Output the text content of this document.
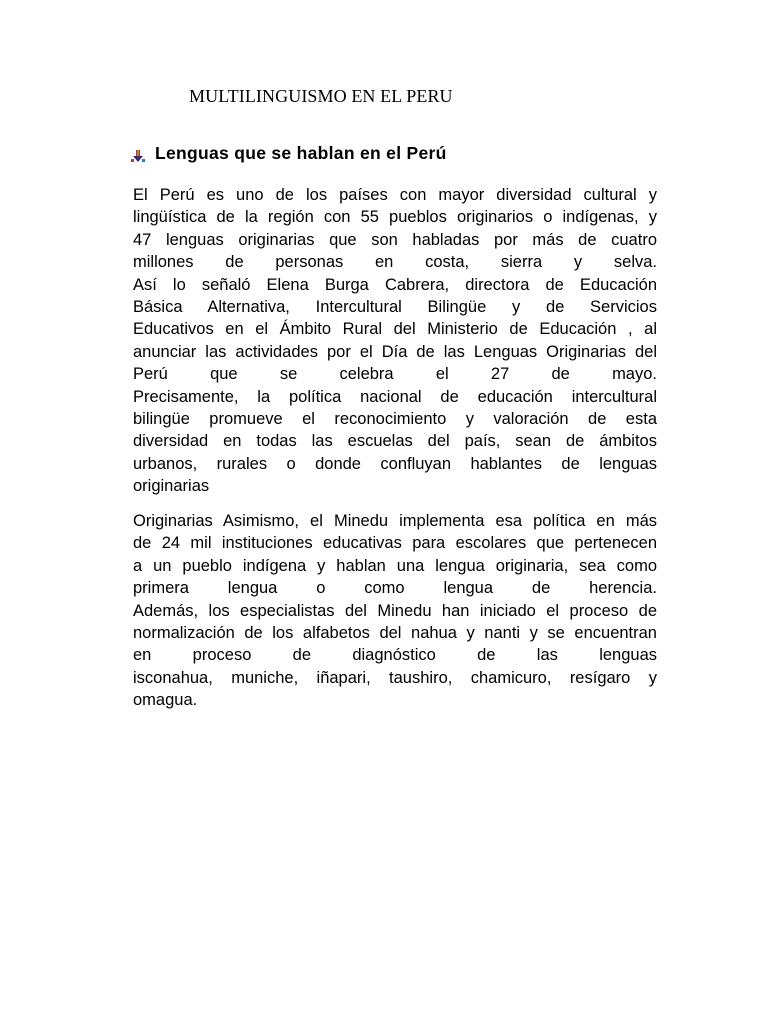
MULTILINGUISMO EN EL PERU
Lenguas que se hablan en el Perú
El Perú es uno de los países con mayor diversidad cultural y
lingüística de la región con 55 pueblos originarios o indígenas, y
47 lenguas originarias que son habladas por más de cuatro
millones de personas en costa, sierra y selva.
Así lo señaló Elena Burga Cabrera, directora de Educación
Básica Alternativa, Intercultural Bilingüe y de Servicios
Educativos en el Ámbito Rural del Ministerio de Educación , al
anunciar las actividades por el Día de las Lenguas Originarias del
Perú que se celebra el 27 de mayo.
Precisamente, la política nacional de educación intercultural
bilingüe promueve el reconocimiento y valoración de esta
diversidad en todas las escuelas del país, sean de ámbitos
urbanos, rurales o donde confluyan hablantes de lenguas
originarias
Originarias Asimismo, el Minedu implementa esa política en más
de 24 mil instituciones educativas para escolares que pertenecen
a un pueblo indígena y hablan una lengua originaria, sea como
primera lengua o como lengua de herencia.
Además, los especialistas del Minedu han iniciado el proceso de
normalización de los alfabetos del nahua y nanti y se encuentran
en proceso de diagnóstico de las lenguas
isconahua, muniche, iñapari, taushiro, chamicuro, resígaro y
omagua.
